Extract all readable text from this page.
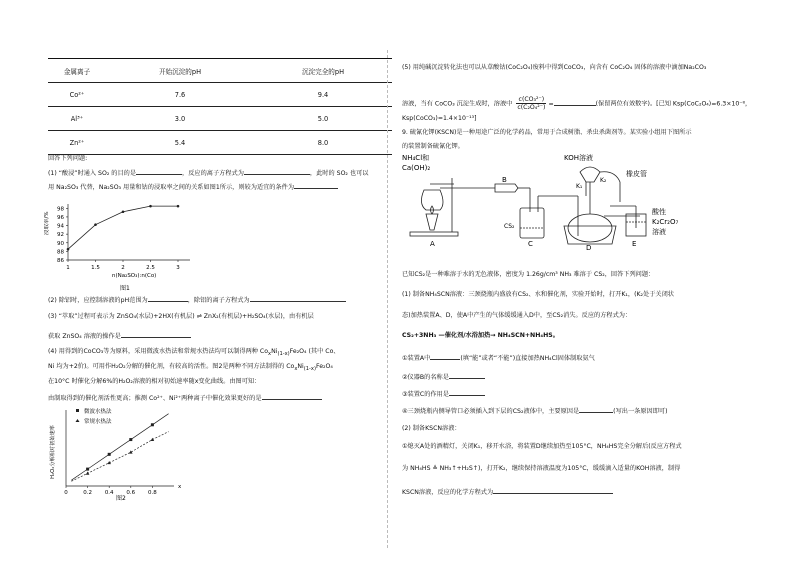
金属离子	开始沉淀的pH	沉淀完全的pH
Co²⁺	7.6	9.4
Al³⁺	3.0	5.0
Zn²⁺	5.4	8.0
回答下列问题:
(1) “酸浸”时通入 SO₂ 的目的是	，反应的离子方程式为	，此时的 SO₂ 也可以
用 Na₂SO₃ 代替，Na₂SO₃ 用量和钴的浸取率之间的关系如图1所示，则较为适宜的条件为
86
88
90
92
94
96
98
1	1.5	2	2.5	3
浸取率/%
n(Na₂SO₃):n(Co)
图1
(2) 除铝时，应控制溶液的pH范围为	，除铝的离子方程式为
(3) “萃取”过程可表示为 ZnSO₄(水层)+2HX(有机层) ⇌ ZnX₂(有机层)+H₂SO₄(水层)，由有机层
获取 ZnSO₄ 溶液的操作是
(4) 用得到的CoCO₃等为原料，采用微波水热法和常规水热法均可以制得两种 $Co_xNi_{(1-x)}Fe_2O_4$ (其中 Co、
Ni 均为+2价)。可用作H₂O₂分解的催化剂，有较高的活性。图2是两种不同方法制得的 $Co_xNi_{(1-x)}Fe_2O_4$
在10°C 时催化分解6%的H₂O₂溶液的相对初始速率随x变化曲线。由图可知：
由制取得到的催化剂活性更高；推测 Co²⁺、Ni²⁺两种离子中催化效果更好的是
0	0.2 0.4 0.6 0.8
微波水热法
常规水热法
H₂O₂分解相对初始速率
x
图2
(5) 用纯碱沉淀转化法也可以从草酸钴(CoC₂O₄)废料中得到CoCO₃，向含有 CoC₂O₄ 固体的溶液中滴加Na₂CO₃
溶液，当有 CoCO₃ 沉淀生成时，溶液中 $\frac{\text{c(CO₃²⁻)}}{\text{c(C₂O₄²⁻)}}$ =	(保留两位有效数字)。[已知 Ksp(CoC₂O₄)=6.3×10⁻⁸，
Ksp(CoCO₃)=1.4×10⁻¹³]
9. 硫氰化钾(KSCN)是一种用途广泛的化学药品，常用于合成树脂、杀虫杀菌剂等。某实验小组用下图所示
的装置制备硫氰化钾。
NH₄Cl和
Ca(OH)₂
KOH溶液
橡皮管
K₁
K₂
CS₂
酸性
K₂Cr₂O₇
溶液
A
B
C	D	E
已知CS₂是一种难溶于水的无色液体，密度为 1.26g/cm³ NH₃ 难溶于 CS₂，回答下列问题：
(1) 制备NH₄SCN溶液：三颈烧瓶内盛放有CS₂、水和催化剂，实验开始时，打开K₁，(K₂处于关闭状
态)加热装置A、D，使A中产生的气体缓缓通入D中，至CS₂消失。反应的方程式为：
CS₂+3NH₃ —催化剂/水浴加热→ NH₄SCN+NH₄HS。
①装置A中	(填“能”或者“不能”)直接加热NH₄Cl固体制取氨气
②仪器B的名称是
③装置C的作用是
④三颈烧瓶内侧导管口必须插入到下层的CS₂液体中，主要原因是	(写出一条原因即可)
(2) 制备KSCN溶液：
①熄灭A处的酒精灯，关闭K₁，移开水浴，将装置D继续加热至105°C，NH₄HS完全分解后(反应方程式
为 NH₄HS ≜ NH₃↑+H₂S↑)，打开K₂，继续保持溶液温度为105°C，缓缓滴入适量的KOH溶液，制得
KSCN溶液，反应的化学方程式为
